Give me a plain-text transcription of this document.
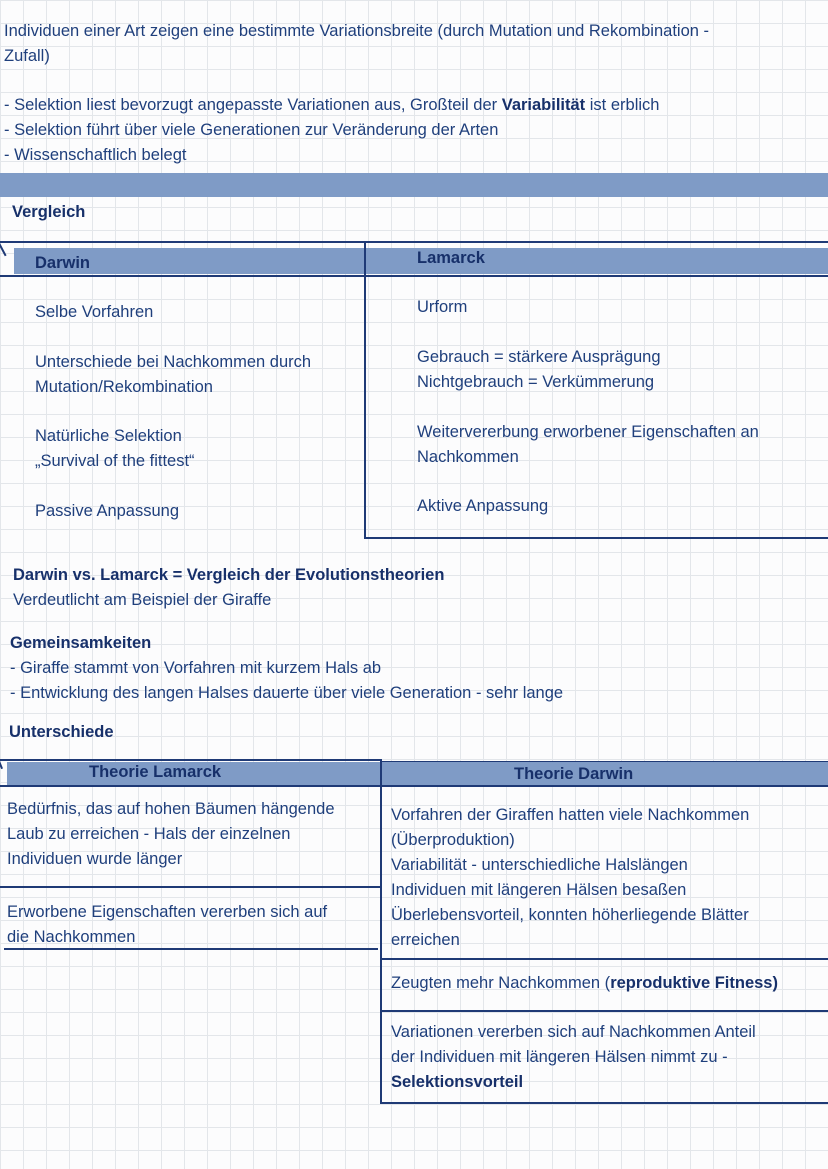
Individuen einer Art zeigen eine bestimmte Variationsbreite (durch Mutation und Rekombination -
Zufall)
- Selektion liest bevorzugt angepasste Variationen aus, Großteil der Variabilität ist erblich
- Selektion führt über viele Generationen zur Veränderung der Arten
- Wissenschaftlich belegt
Vergleich
Darwin	Lamarck
Selbe Vorfahren
Unterschiede bei Nachkommen durch
Mutation/Rekombination
Natürliche Selektion
„Survival of the fittest“
Passive Anpassung
Urform
Gebrauch = stärkere Ausprägung
Nichtgebrauch = Verkümmerung
Weitervererbung erworbener Eigenschaften an
Nachkommen
Aktive Anpassung
Darwin vs. Lamarck = Vergleich der Evolutionstheorien
Verdeutlicht am Beispiel der Giraffe
Gemeinsamkeiten
- Giraffe stammt von Vorfahren mit kurzem Hals ab
- Entwicklung des langen Halses dauerte über viele Generation - sehr lange
Unterschiede
Theorie Lamarck	Theorie Darwin
Bedürfnis, das auf hohen Bäumen hängende
Laub zu erreichen - Hals der einzelnen
Individuen wurde länger
Erworbene Eigenschaften vererben sich auf
die Nachkommen
Vorfahren der Giraffen hatten viele Nachkommen
(Überproduktion)
Variabilität - unterschiedliche Halslängen
Individuen mit längeren Hälsen besaßen
Überlebensvorteil, konnten höherliegende Blätter
erreichen
Zeugten mehr Nachkommen (reproduktive Fitness)
Variationen vererben sich auf Nachkommen Anteil
der Individuen mit längeren Hälsen nimmt zu -
Selektionsvorteil
